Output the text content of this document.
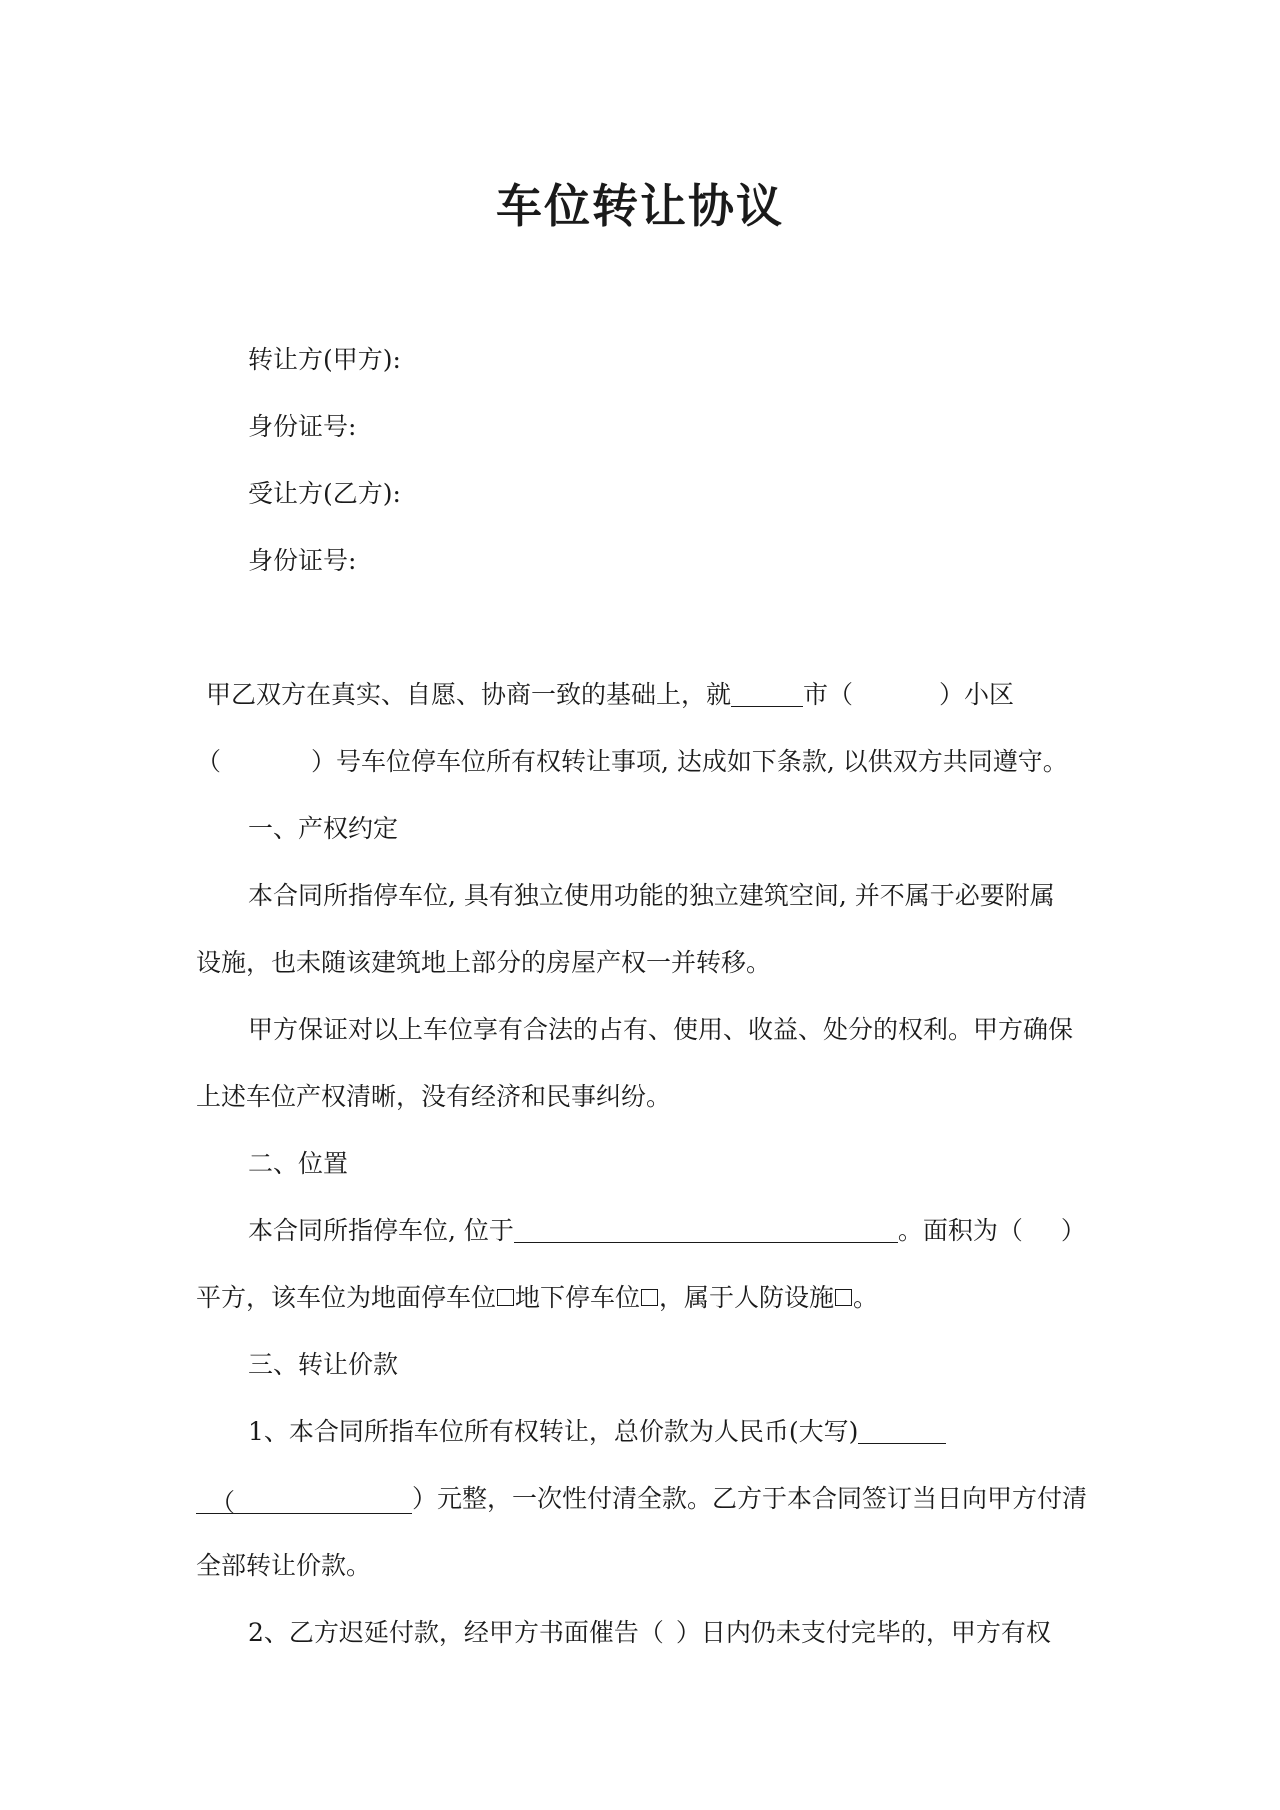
车位转让协议

转让方(甲方):

身份证号:

受让方(乙方):

身份证号:

甲乙双方在真实、自愿、协商一致的基础上，就	市（	）小区

（	）号车位停车位所有权转让事项, 达成如下条款, 以供双方共同遵守。

一、产权约定

本合同所指停车位, 具有独立使用功能的独立建筑空间, 并不属于必要附属

设施，也未随该建筑地上部分的房屋产权一并转移。

甲方保证对以上车位享有合法的占有、使用、收益、处分的权利。甲方确保

上述车位产权清晰，没有经济和民事纠纷。

二、位置

本合同所指停车位, 位于	。面积为（ ）

平方，该车位为地面停车位 地下停车位 ，属于人防设施 。

三、转让价款

1、本合同所指车位所有权转让，总价款为人民币(大写)

（	）元整，一次性付清全款。乙方于本合同签订当日向甲方付清

全部转让价款。

2、乙方迟延付款，经甲方书面催告（ ）日内仍未支付完毕的，甲方有权
